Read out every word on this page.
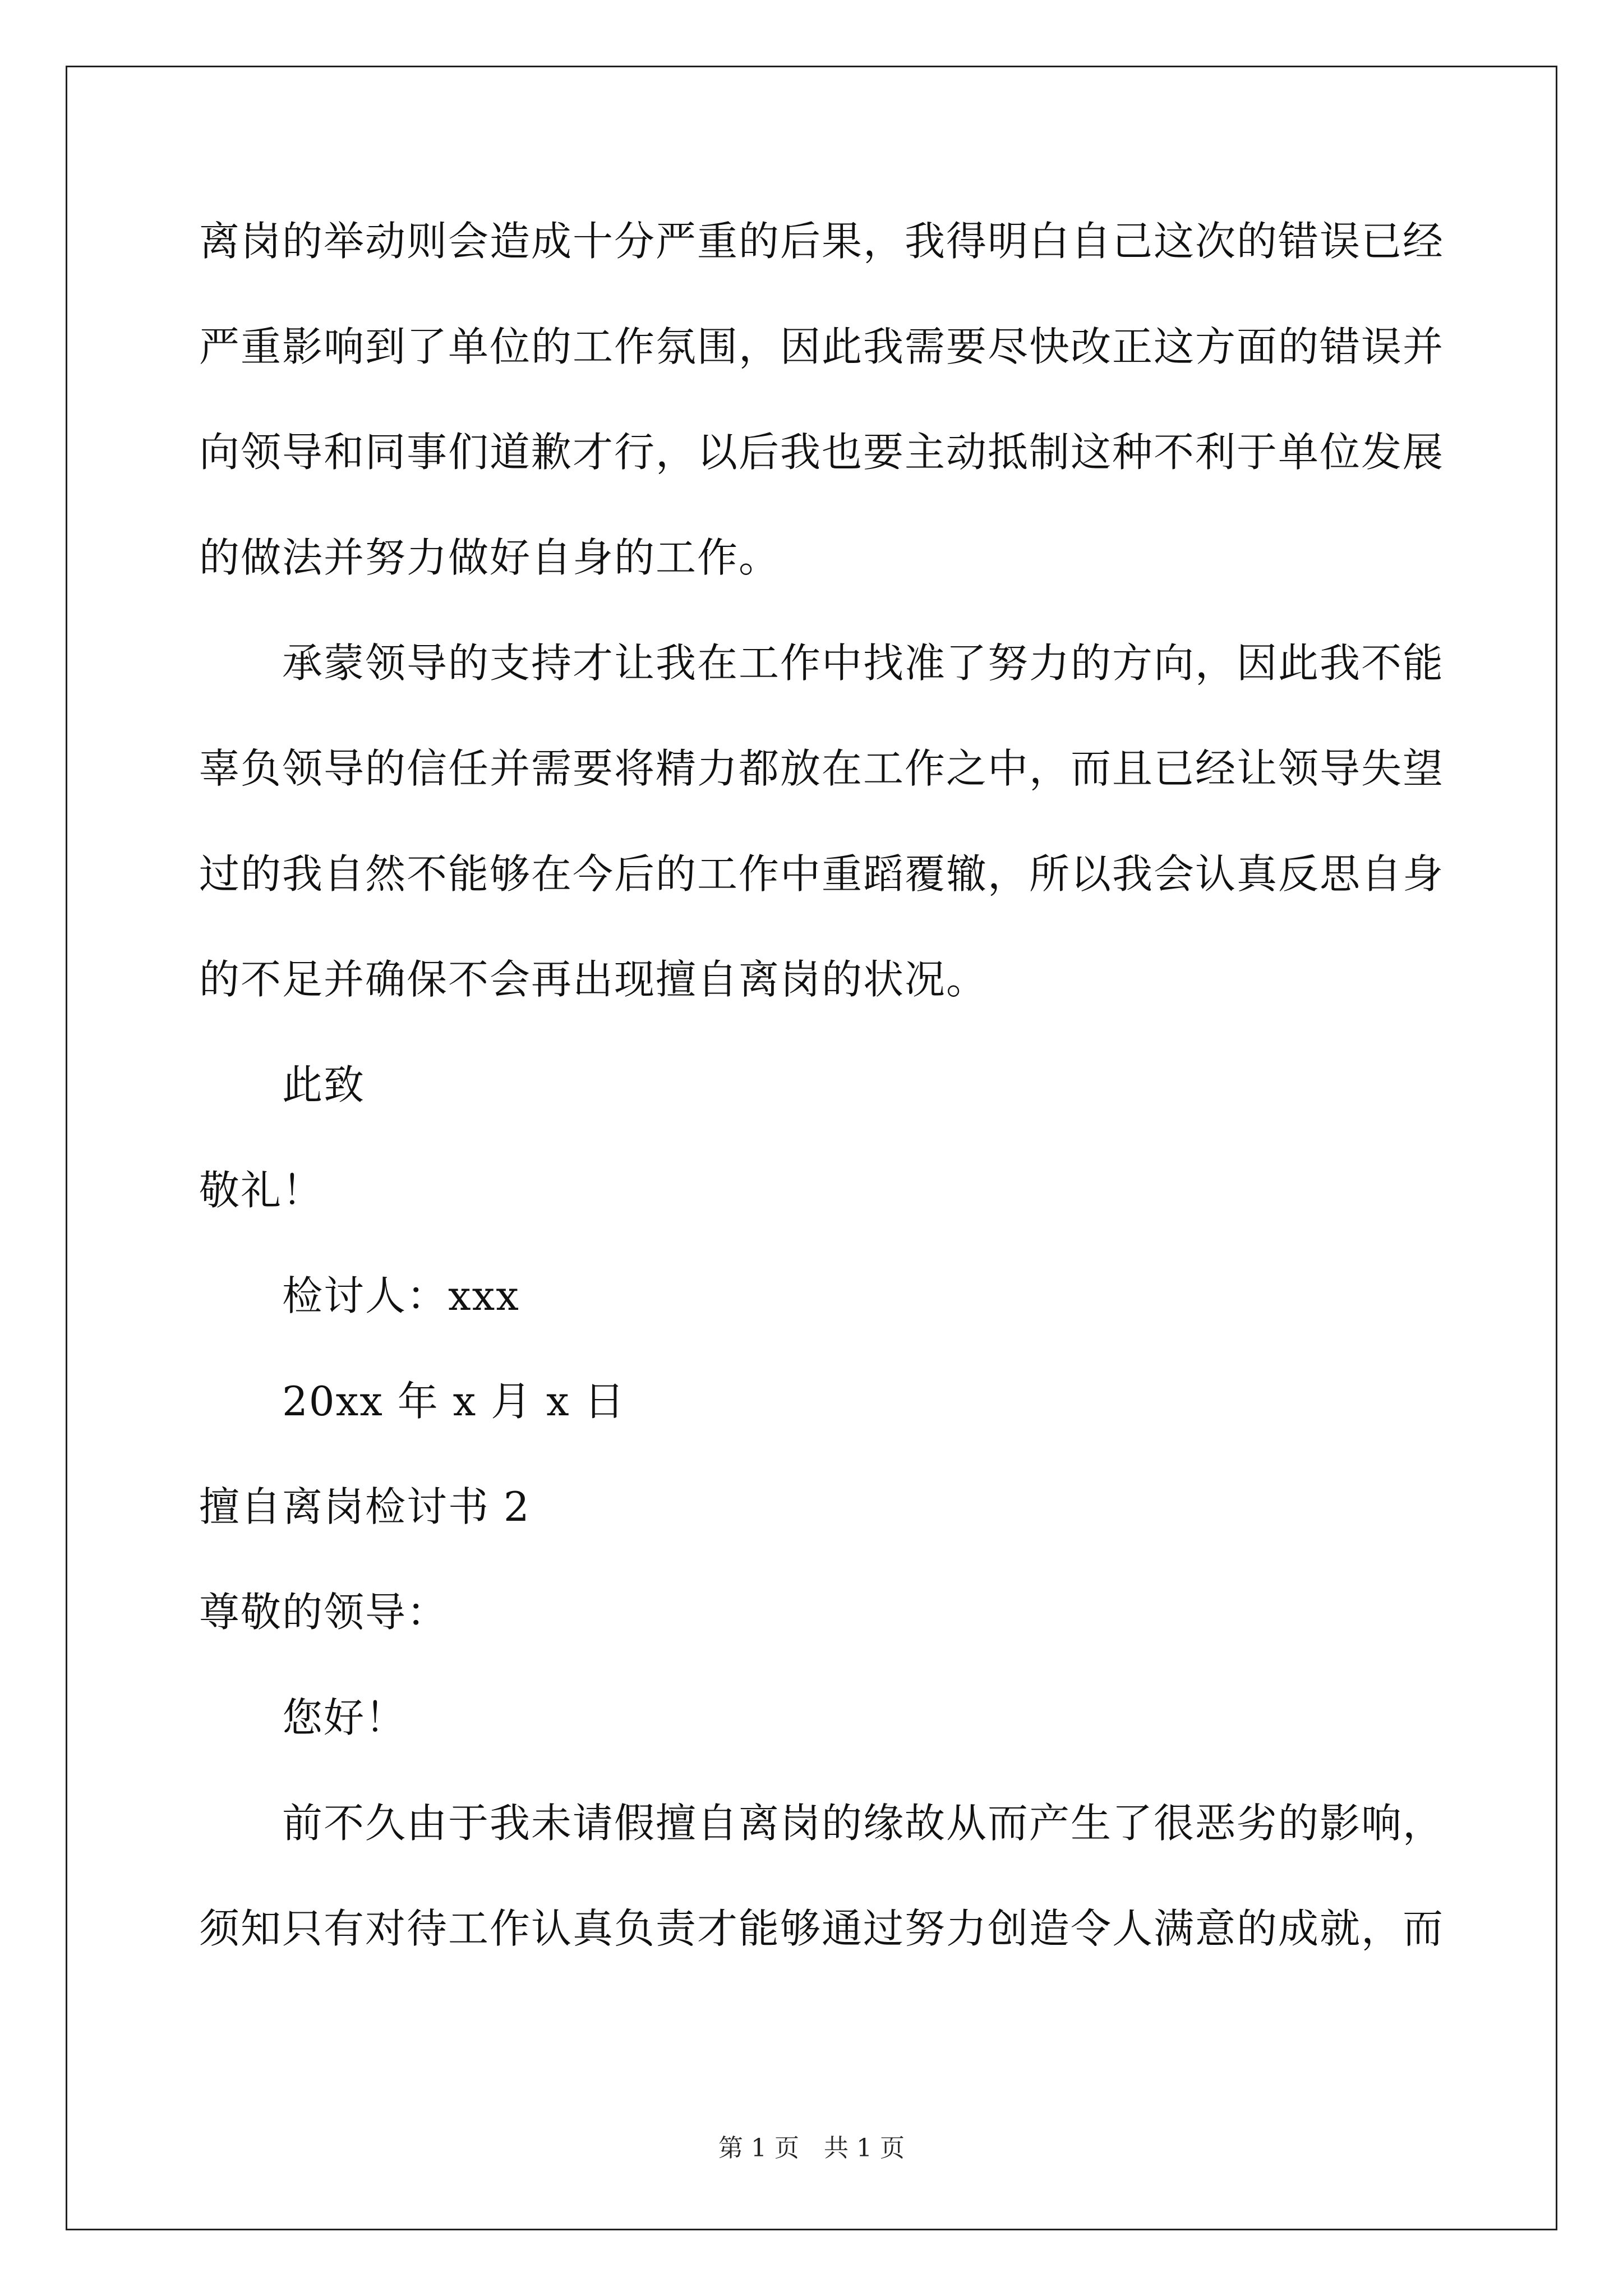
离岗的举动则会造成十分严重的后果，我得明白自己这次的错误已经
严重影响到了单位的工作氛围，因此我需要尽快改正这方面的错误并
向领导和同事们道歉才行，以后我也要主动抵制这种不利于单位发展
的做法并努力做好自身的工作。
承蒙领导的支持才让我在工作中找准了努力的方向，因此我不能
辜负领导的信任并需要将精力都放在工作之中，而且已经让领导失望
过的我自然不能够在今后的工作中重蹈覆辙，所以我会认真反思自身
的不足并确保不会再出现擅自离岗的状况。
此致
敬礼！
检讨人：xxx
20xx 年 x 月 x 日
擅自离岗检讨书 2
尊敬的领导：
您好！
前不久由于我未请假擅自离岗的缘故从而产生了很恶劣的影响，
须知只有对待工作认真负责才能够通过努力创造令人满意的成就，而
第 1 页　共 1 页
